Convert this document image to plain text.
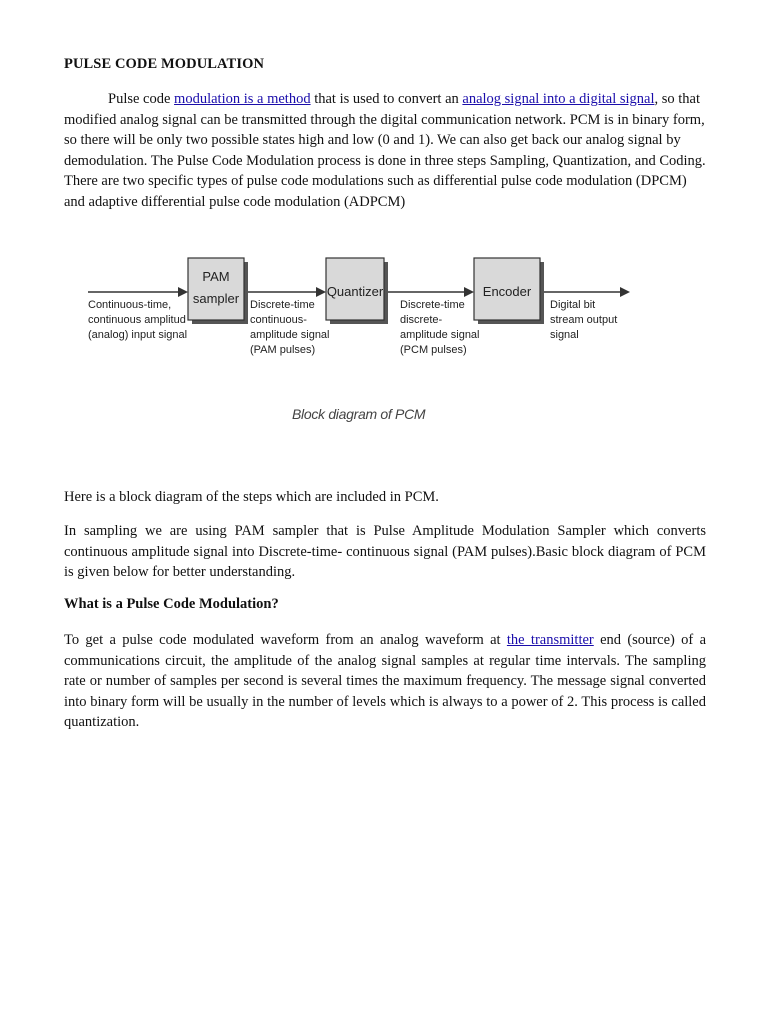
PULSE CODE MODULATION

Pulse code modulation is a method that is used to convert an analog signal into a digital signal, so that modified analog signal can be transmitted through the digital communication network. PCM is in binary form, so there will be only two possible states high and low (0 and 1). We can also get back our analog signal by demodulation. The Pulse Code Modulation process is done in three steps Sampling, Quantization, and Coding. There are two specific types of pulse code modulations such as differential pulse code modulation (DPCM) and adaptive differential pulse code modulation (ADPCM)

PAM
sampler	Quantizer	Encoder
Continuous-time,
continuous amplitud
(analog) input signal
Discrete-time
continuous-
amplitude signal
(PAM pulses)
Discrete-time
discrete-
amplitude signal
(PCM pulses)
Digital bit
stream output
signal

Block diagram of PCM

Here is a block diagram of the steps which are included in PCM.

In sampling we are using PAM sampler that is Pulse Amplitude Modulation Sampler which converts continuous amplitude signal into Discrete-time- continuous signal (PAM pulses).Basic block diagram of PCM is given below for better understanding.

What is a Pulse Code Modulation?

To get a pulse code modulated waveform from an analog waveform at the transmitter end (source) of a communications circuit, the amplitude of the analog signal samples at regular time intervals. The sampling rate or number of samples per second is several times the maximum frequency. The message signal converted into binary form will be usually in the number of levels which is always to a power of 2. This process is called quantization.
